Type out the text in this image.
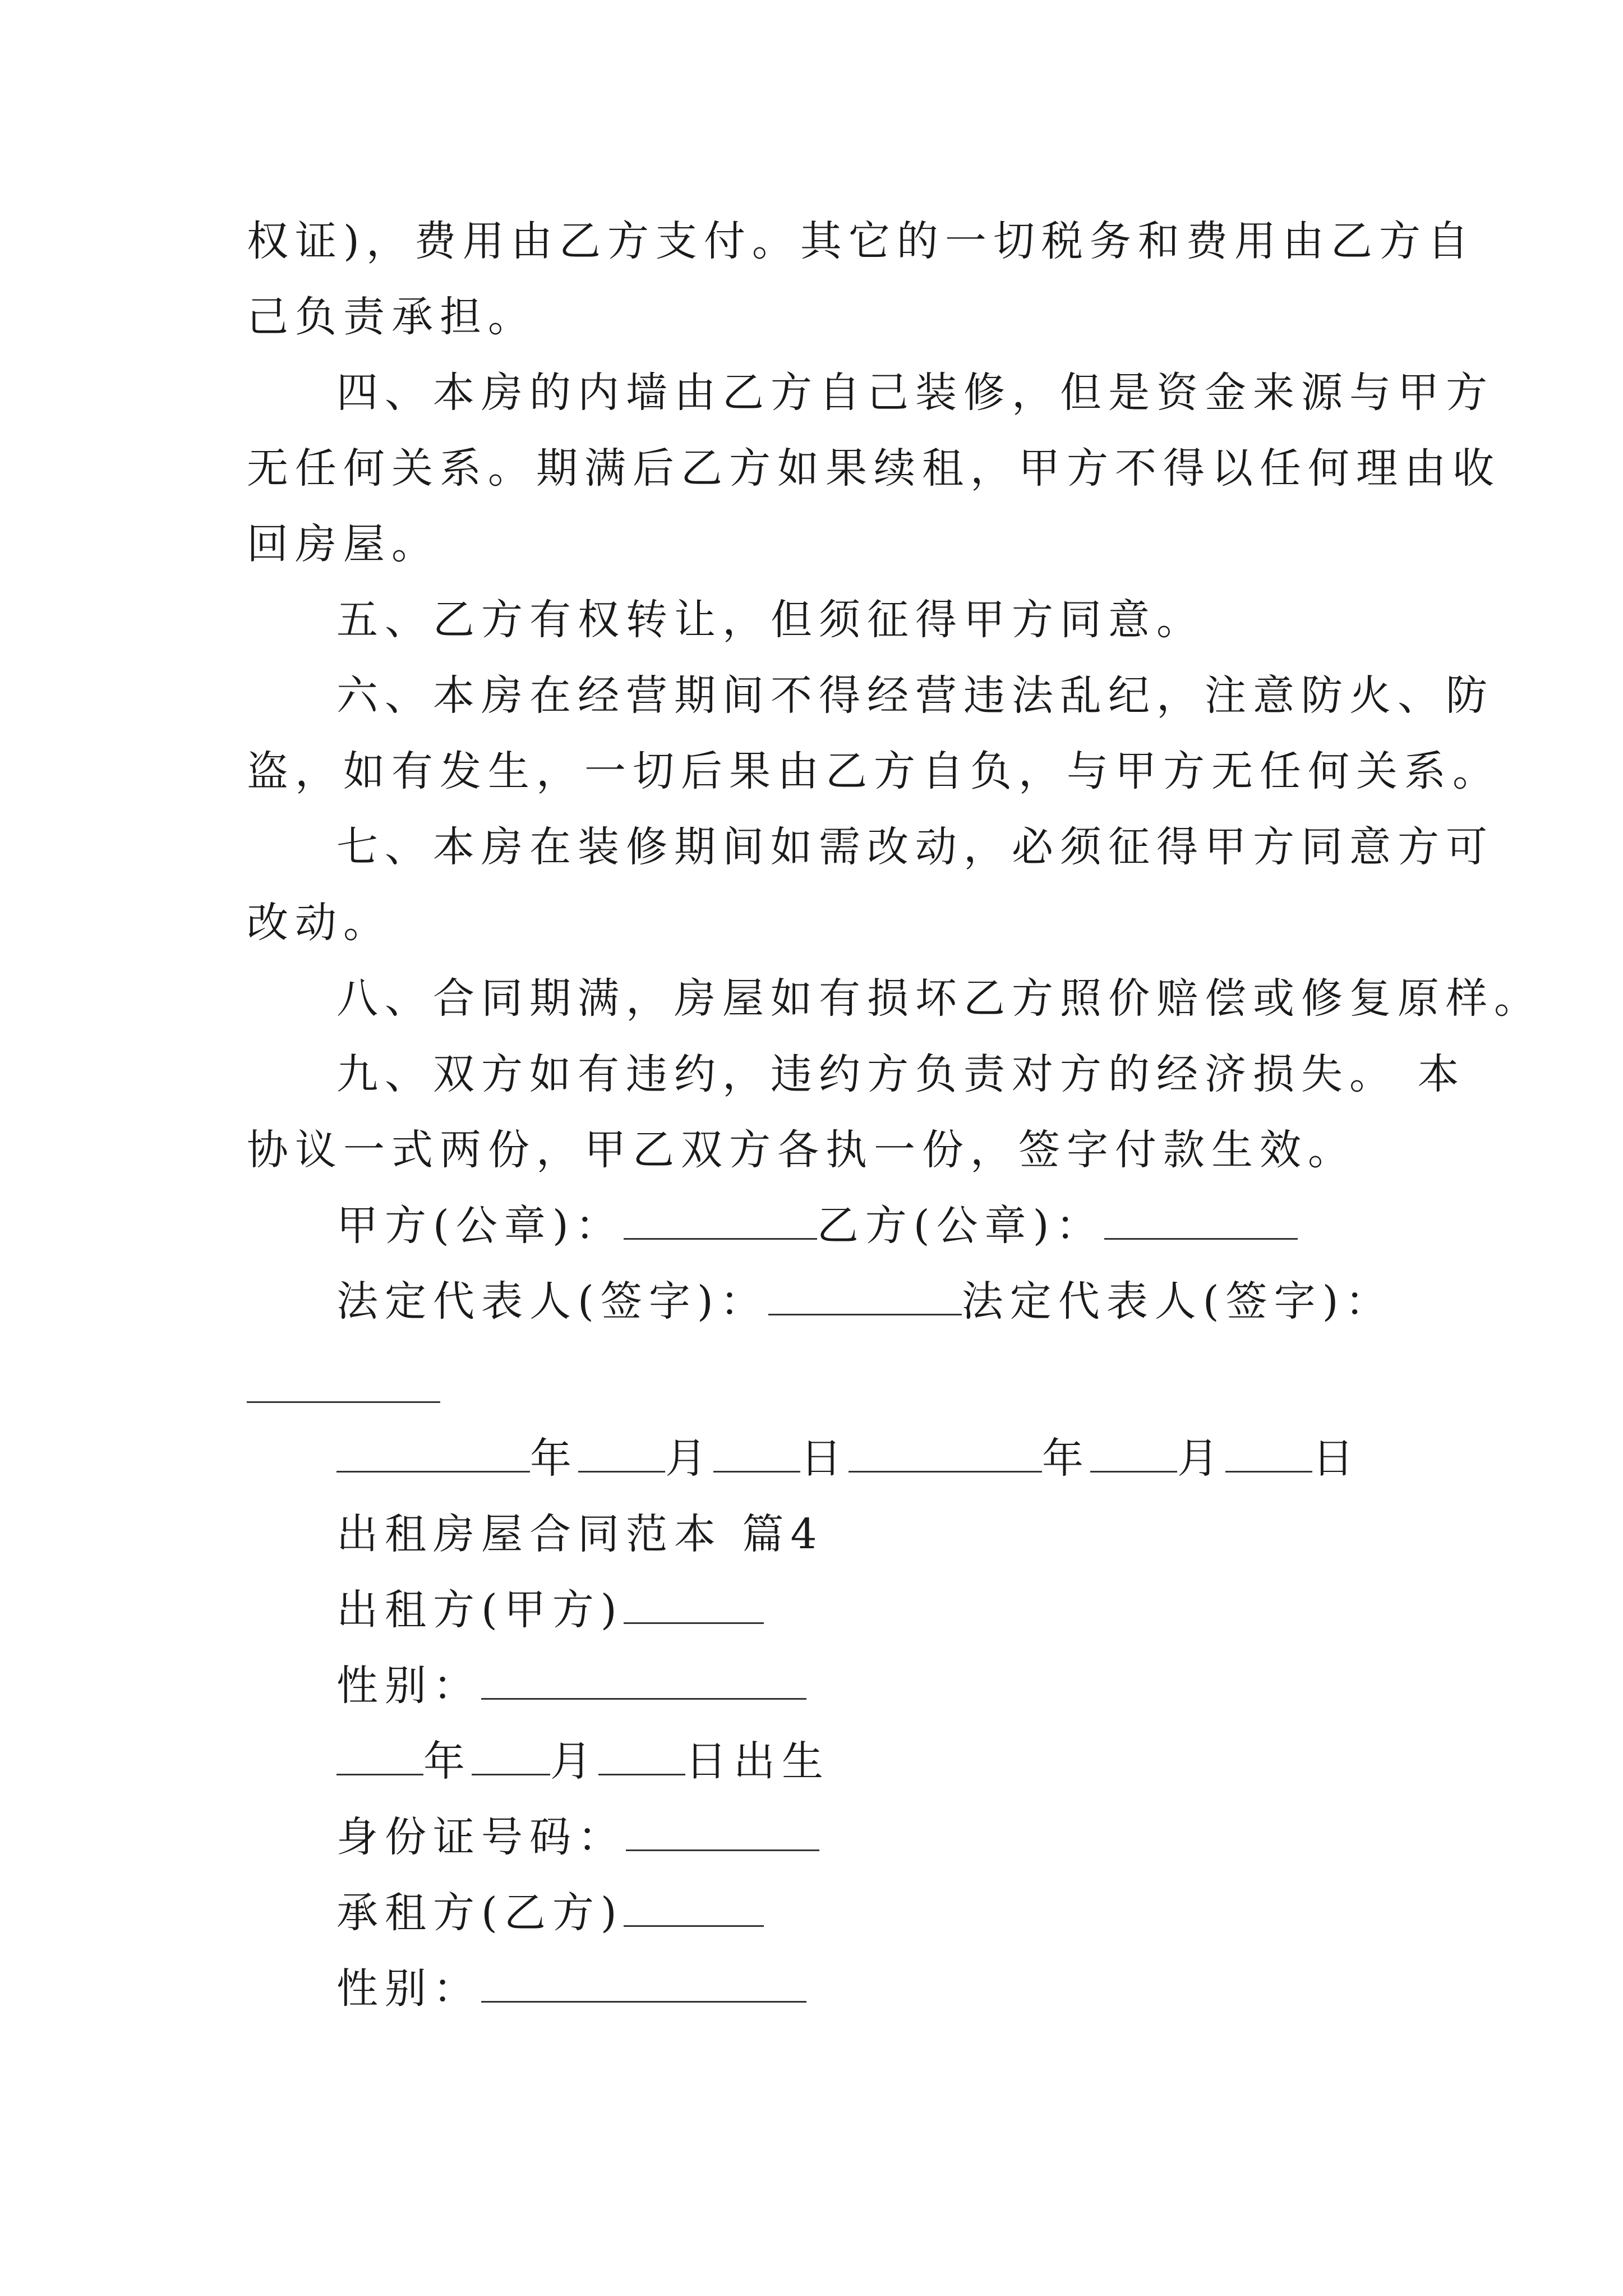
权证)，费用由乙方支付。其它的一切税务和费用由乙方自
己负责承担。
四、本房的内墙由乙方自己装修，但是资金来源与甲方
无任何关系。期满后乙方如果续租，甲方不得以任何理由收
回房屋。
五、乙方有权转让，但须征得甲方同意。
六、本房在经营期间不得经营违法乱纪，注意防火、防
盗，如有发生，一切后果由乙方自负，与甲方无任何关系。
七、本房在装修期间如需改动，必须征得甲方同意方可
改动。
八、合同期满，房屋如有损坏乙方照价赔偿或修复原样。
九、双方如有违约，违约方负责对方的经济损失。 本
协议一式两份，甲乙双方各执一份，签字付款生效。
甲方(公章)：	乙方(公章)：
法定代表人(签字)：	法定代表人(签字)：
年 月 日	年 月 日
出租房屋合同范本 篇4
出租方(甲方)
性别：
年 月 日出生
身份证号码：
承租方(乙方)
性别：
